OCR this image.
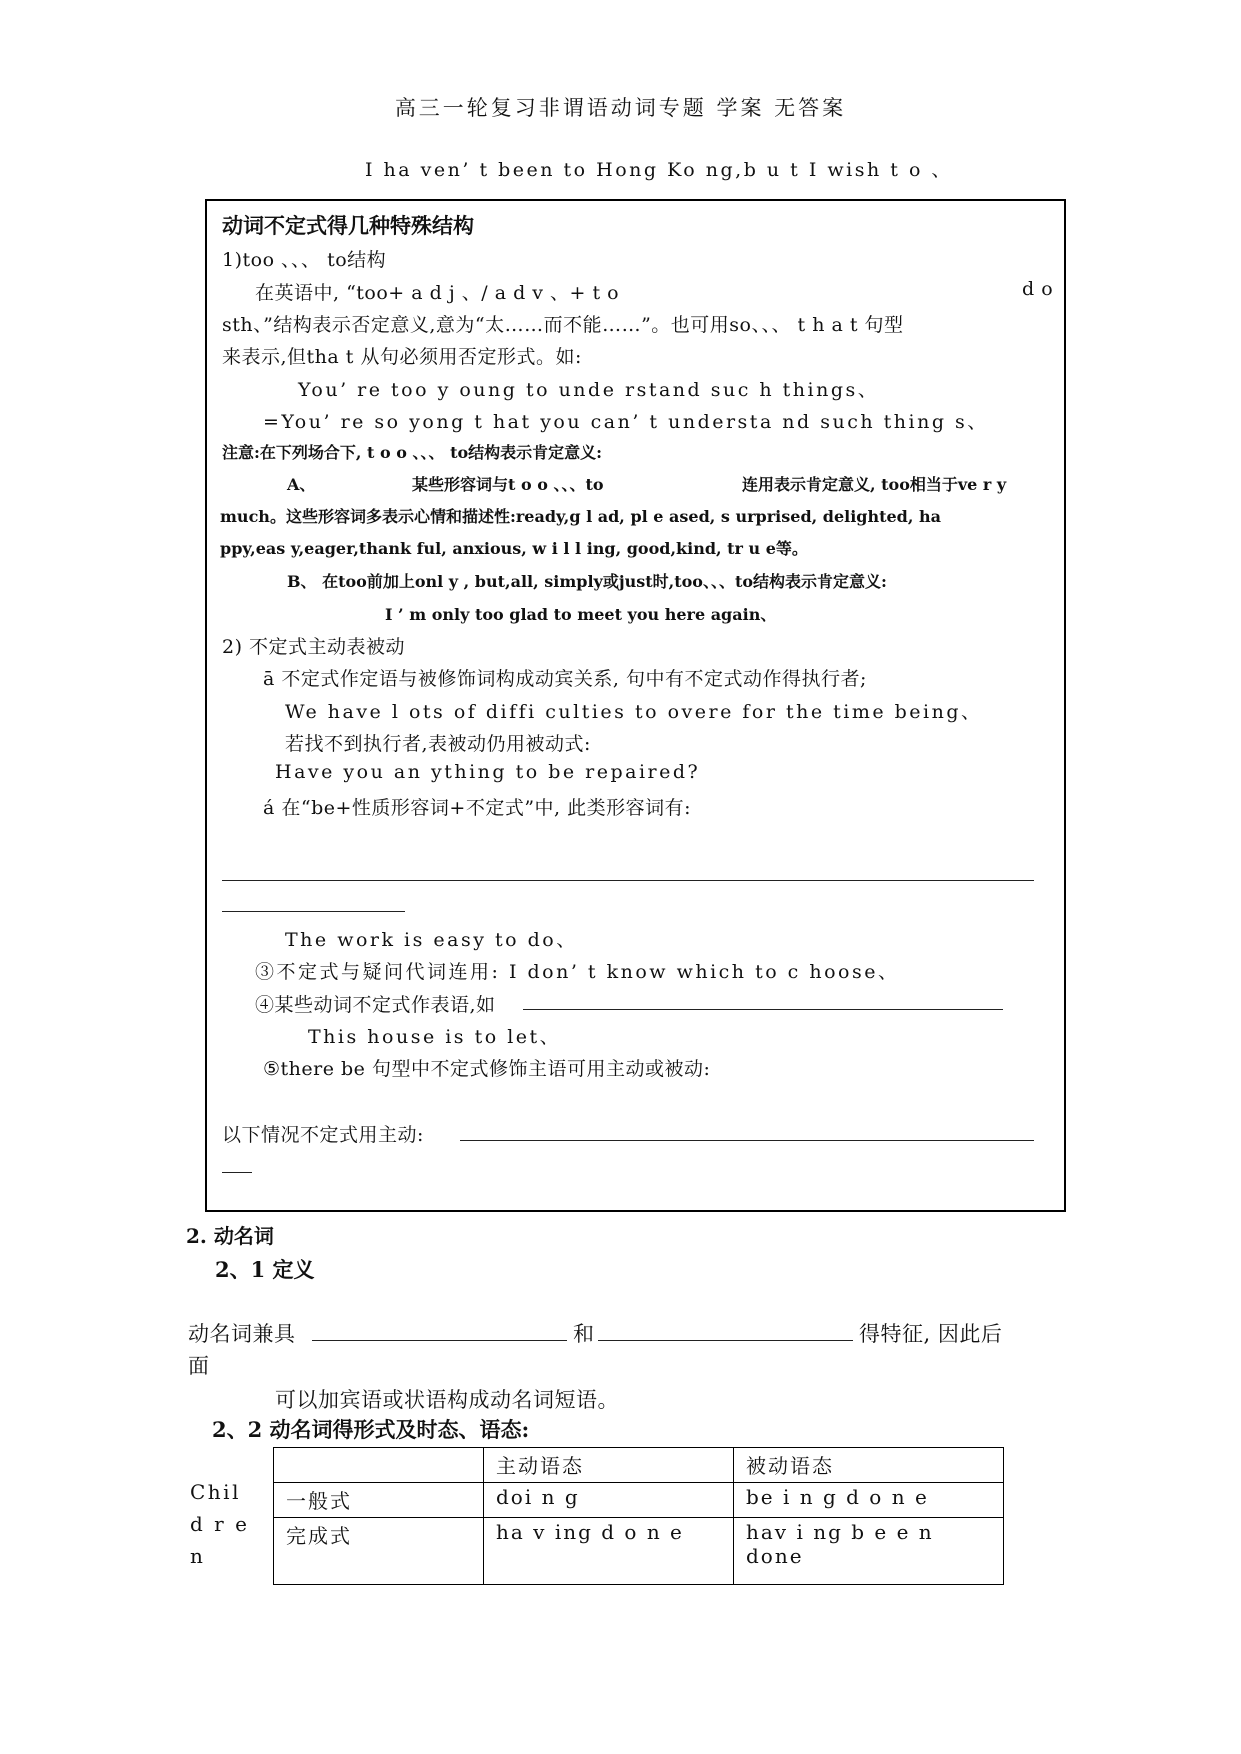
高三一轮复习非谓语动词专题 学案 无答案
I ha ven’ t been to Hong Ko ng,b u t I wish t o 、
动词不定式得几种特殊结构
1)too 、、、 to结构
在英语中, “too+ a d j 、/ a d v 、+ t o	d o
sth、”结构表示否定意义,意为“太……而不能……”。也可用so、、、 t h a t 句型
来表示,但tha t 从句必须用否定形式。如:
You’ re too y oung to unde rstand suc h things、
=You’ re so yong t hat you can’ t understa nd such thing s、
注意:在下列场合下, t o o 、、、 to结构表示肯定意义:
A、	某些形容词与t o o 、、、to	连用表示肯定意义, too相当于ve r y
much。这些形容词多表示心情和描述性:ready,g l ad, pl e ased, s urprised, delighted, ha
ppy,eas y,eager,thank ful, anxious, w i l l ing, good,kind, tr u e等。
B、 在too前加上onl y , but,all, simply或just时,too、、、to结构表示肯定意义:
I ’ m only too glad to meet you here again、
2) 不定式主动表被动
ā 不定式作定语与被修饰词构成动宾关系, 句中有不定式动作得执行者;
We have l ots of diffi culties to overe for the time being、
若找不到执行者,表被动仍用被动式:
Have you an ything to be repaired?
á 在“be+性质形容词+不定式”中, 此类形容词有:
The work is easy to do、
③不定式与疑问代词连用: I don’ t know which to c hoose、
④某些动词不定式作表语,如
This house is to let、
⑤there be 句型中不定式修饰主语可用主动或被动:
以下情况不定式用主动:
2. 动名词
2、1 定义
动名词兼具	和	得特征, 因此后
面
可以加宾语或状语构成动名词短语。
2、2 动名词得形式及时态、语态:
Chil
d r e
n
	主动语态	被动语态
一般式	doi n g	be i n g d o n e
完成式	ha v ing d o n e	hav i ng b e e n
done
